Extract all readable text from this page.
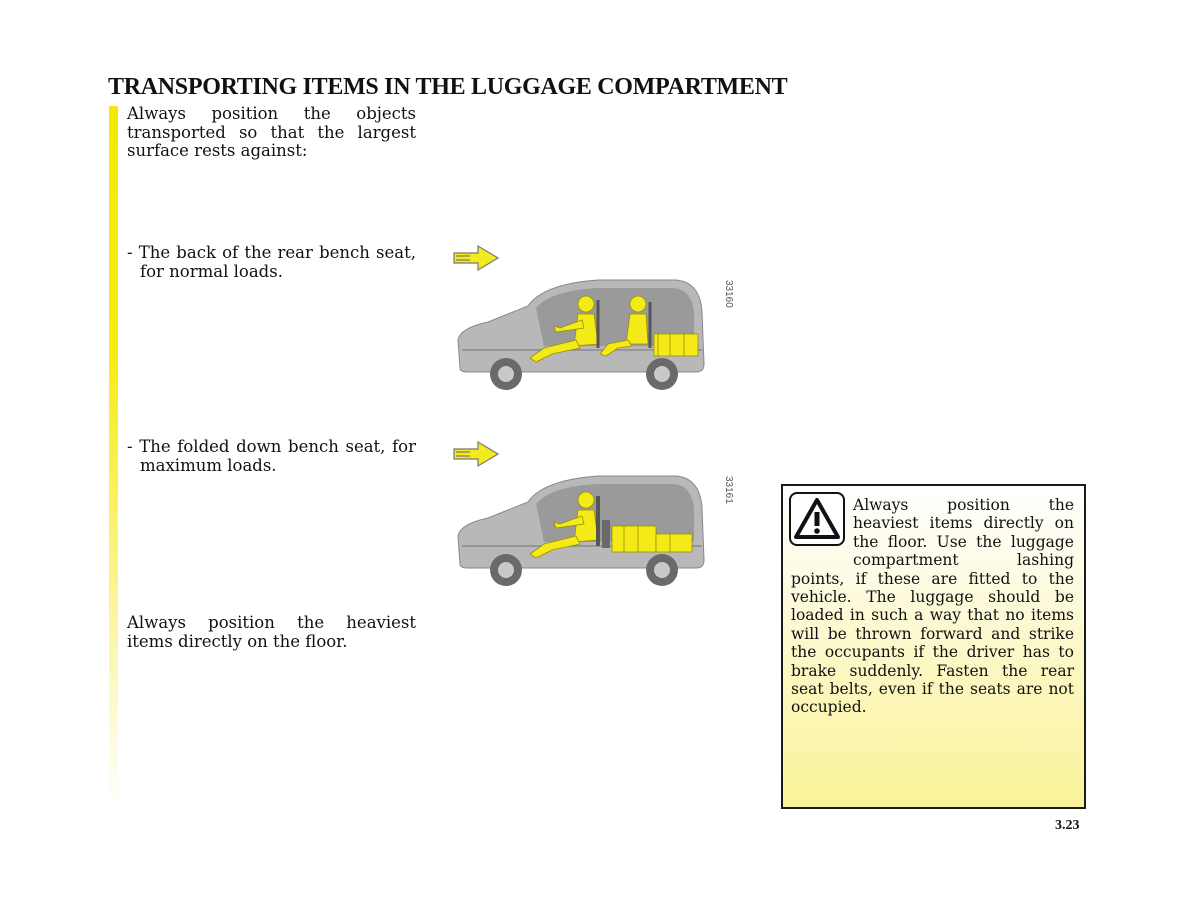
TRANSPORTING ITEMS IN THE LUGGAGE COMPARTMENT
Always position the objects transported so that the largest surface rests against:
- The back of the rear bench seat, for normal loads.
- The folded down bench seat, for maximum loads.
Always position the heaviest items directly on the floor.
33160
33161
Always position the heaviest items directly on the floor. Use the luggage compartment lashing points, if these are fitted to the vehicle. The luggage should be loaded in such a way that no items will be thrown forward and strike the occupants if the driver has to brake suddenly. Fasten the rear seat belts, even if the seats are not occupied.
3.23
